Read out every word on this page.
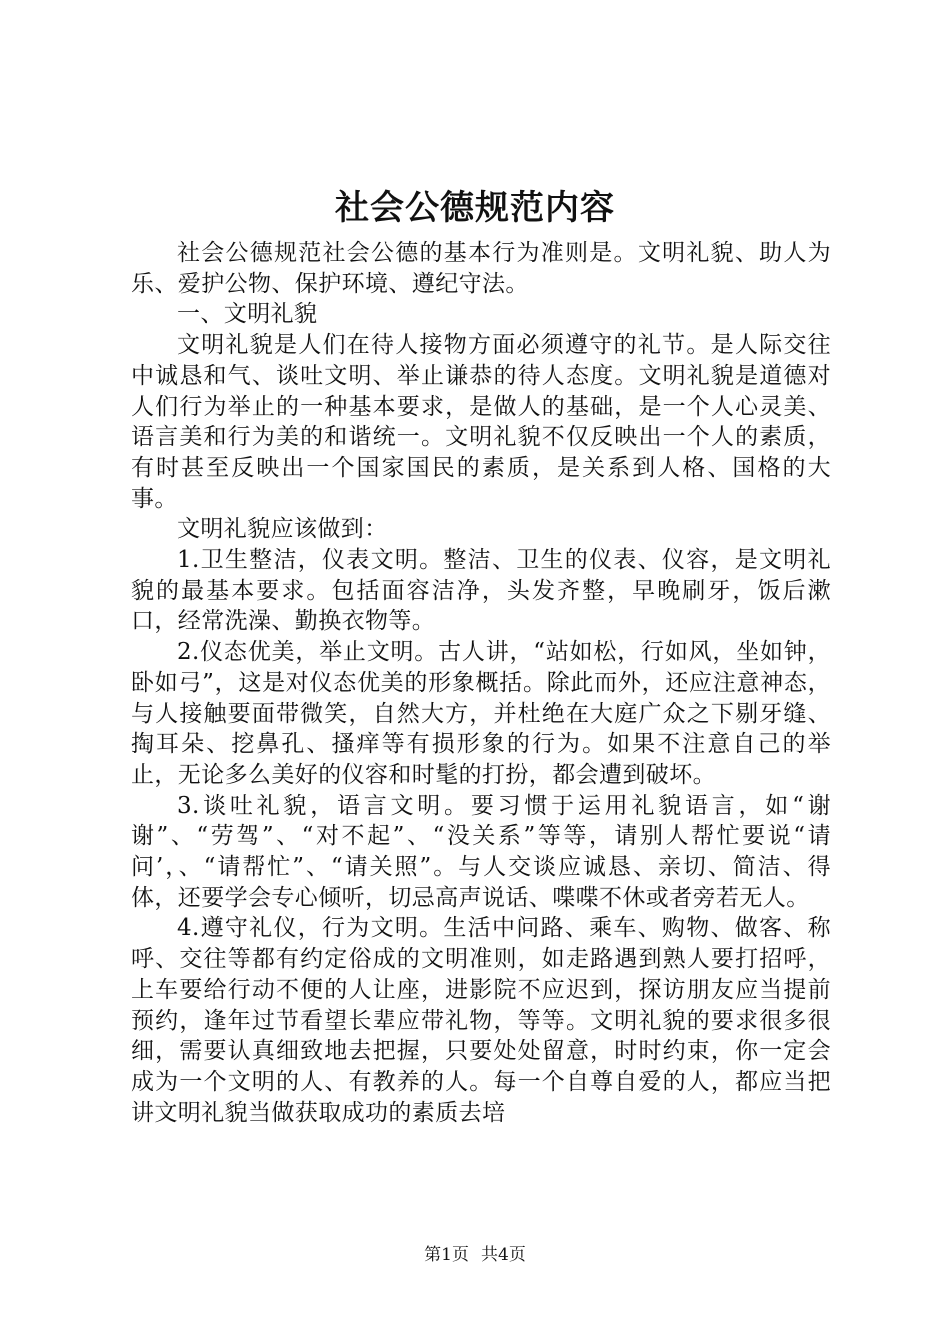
社会公德规范内容

社会公德规范社会公德的基本行为准则是。文明礼貌、助人为乐、爱护公物、保护环境、遵纪守法。

一、文明礼貌

文明礼貌是人们在待人接物方面必须遵守的礼节。是人际交往中诚恳和气、谈吐文明、举止谦恭的待人态度。文明礼貌是道德对人们行为举止的一种基本要求，是做人的基础，是一个人心灵美、语言美和行为美的和谐统一。文明礼貌不仅反映出一个人的素质，有时甚至反映出一个国家国民的素质，是关系到人格、国格的大事。

文明礼貌应该做到：

1.卫生整洁，仪表文明。整洁、卫生的仪表、仪容，是文明礼貌的最基本要求。包括面容洁净，头发齐整，早晚刷牙，饭后漱口，经常洗澡、勤换衣物等。

2.仪态优美，举止文明。古人讲，“站如松，行如风，坐如钟，卧如弓”，这是对仪态优美的形象概括。除此而外，还应注意神态，与人接触要面带微笑，自然大方，并杜绝在大庭广众之下剔牙缝、掏耳朵、挖鼻孔、搔痒等有损形象的行为。如果不注意自己的举止，无论多么美好的仪容和时髦的打扮，都会遭到破坏。

3.谈吐礼貌，语言文明。要习惯于运用礼貌语言，如“谢谢”、“劳驾”、“对不起”、“没关系”等等，请别人帮忙要说“请问’，、“请帮忙”、“请关照”。与人交谈应诚恳、亲切、简洁、得体，还要学会专心倾听，切忌高声说话、喋喋不休或者旁若无人。

4.遵守礼仪，行为文明。生活中问路、乘车、购物、做客、称呼、交往等都有约定俗成的文明准则，如走路遇到熟人要打招呼，上车要给行动不便的人让座，进影院不应迟到，探访朋友应当提前预约，逢年过节看望长辈应带礼物，等等。文明礼貌的要求很多很细，需要认真细致地去把握，只要处处留意，时时约束，你一定会成为一个文明的人、有教养的人。每一个自尊自爱的人，都应当把讲文明礼貌当做获取成功的素质去培

第1页 共4页
